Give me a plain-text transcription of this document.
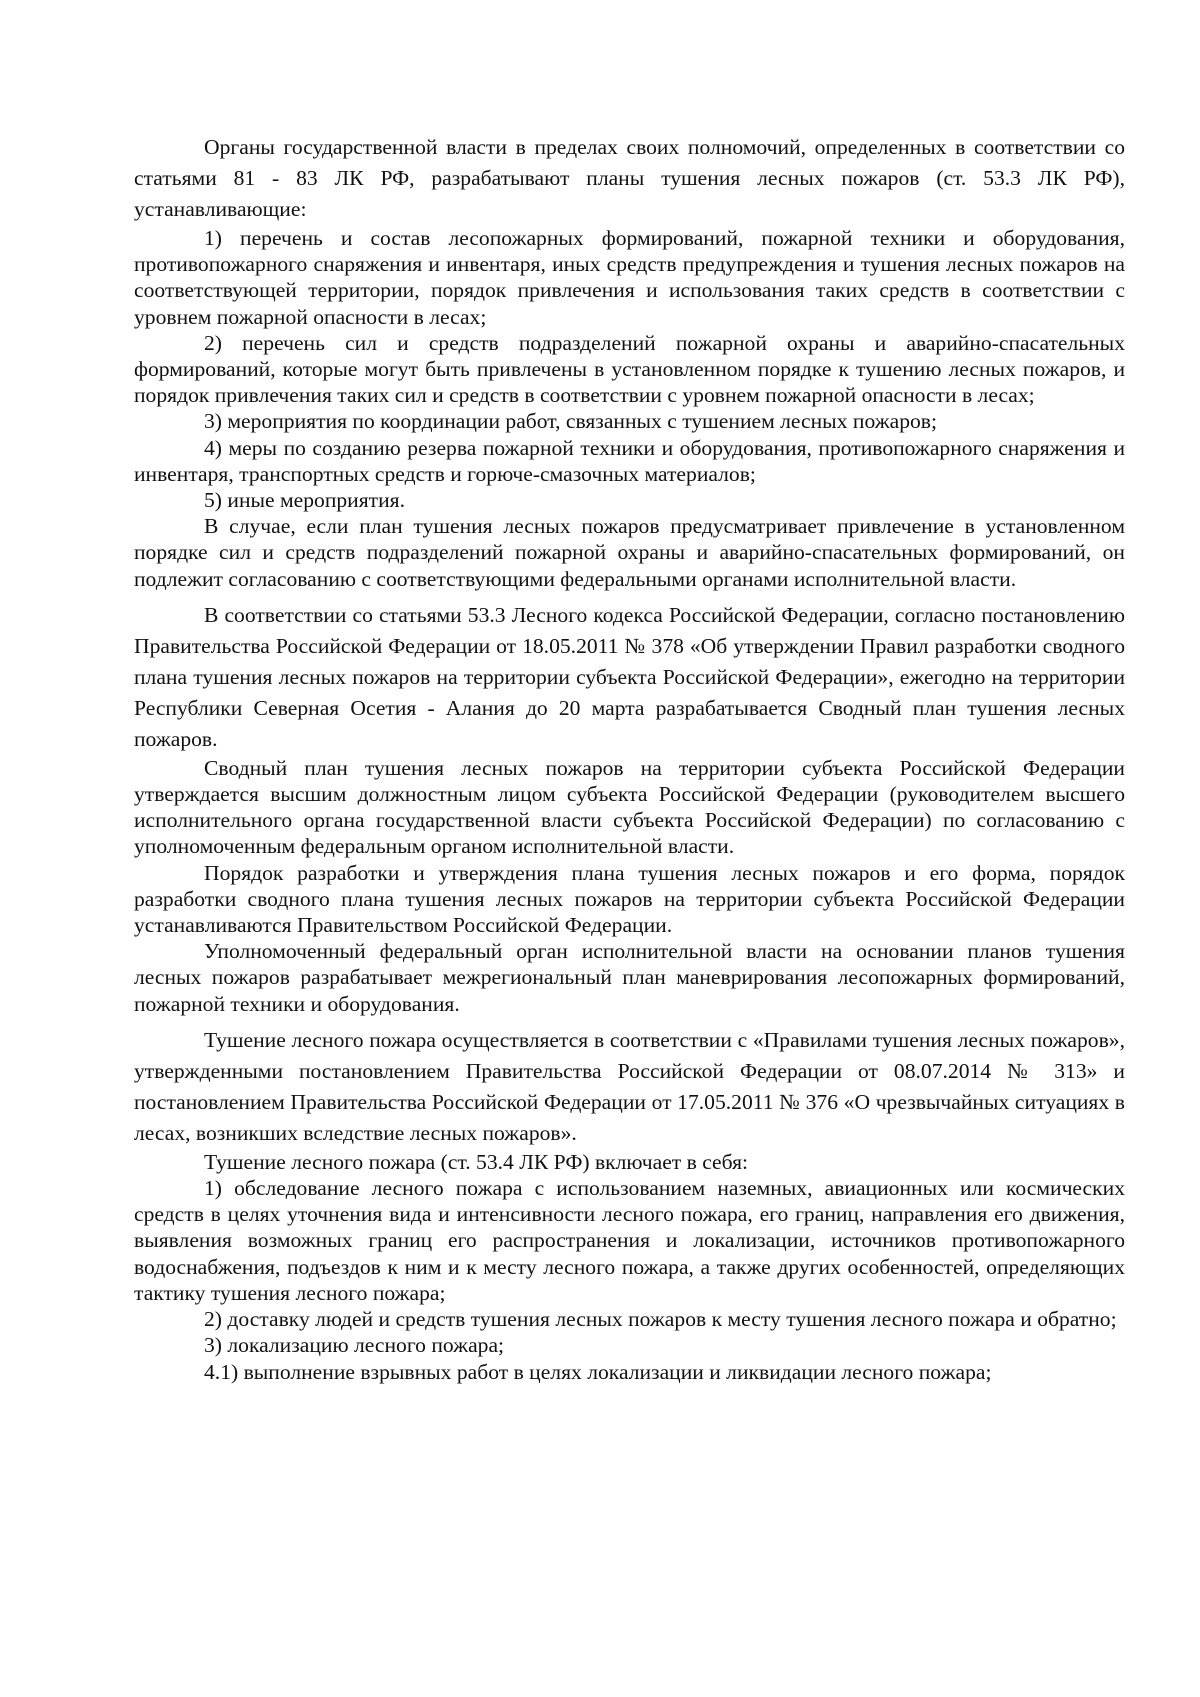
Органы государственной власти в пределах своих полномочий, определенных в соответствии со статьями 81 - 83 ЛК РФ, разрабатывают планы тушения лесных пожаров (ст. 53.3 ЛК РФ), устанавливающие:

1) перечень и состав лесопожарных формирований, пожарной техники и оборудования, противопожарного снаряжения и инвентаря, иных средств предупреждения и тушения лесных пожаров на соответствующей территории, порядок привлечения и использования таких средств в соответствии с уровнем пожарной опасности в лесах;

2) перечень сил и средств подразделений пожарной охраны и аварийно-спасательных формирований, которые могут быть привлечены в установленном порядке к тушению лесных пожаров, и порядок привлечения таких сил и средств в соответствии с уровнем пожарной опасности в лесах;

3) мероприятия по координации работ, связанных с тушением лесных пожаров;

4) меры по созданию резерва пожарной техники и оборудования, противопожарного снаряжения и инвентаря, транспортных средств и горюче-смазочных материалов;

5) иные мероприятия.

В случае, если план тушения лесных пожаров предусматривает привлечение в установленном порядке сил и средств подразделений пожарной охраны и аварийно-спасательных формирований, он подлежит согласованию с соответствующими федеральными органами исполнительной власти.

В соответствии со статьями 53.3 Лесного кодекса Российской Федерации, согласно постановлению Правительства Российской Федерации от 18.05.2011 № 378 «Об утверждении Правил разработки сводного плана тушения лесных пожаров на территории субъекта Российской Федерации», ежегодно на территории Республики Северная Осетия - Алания до 20 марта разрабатывается Сводный план тушения лесных пожаров.

Сводный план тушения лесных пожаров на территории субъекта Российской Федерации утверждается высшим должностным лицом субъекта Российской Федерации (руководителем высшего исполнительного органа государственной власти субъекта Российской Федерации) по согласованию с уполномоченным федеральным органом исполнительной власти.

Порядок разработки и утверждения плана тушения лесных пожаров и его форма, порядок разработки сводного плана тушения лесных пожаров на территории субъекта Российской Федерации устанавливаются Правительством Российской Федерации.

Уполномоченный федеральный орган исполнительной власти на основании планов тушения лесных пожаров разрабатывает межрегиональный план маневрирования лесопожарных формирований, пожарной техники и оборудования.

Тушение лесного пожара осуществляется в соответствии с «Правилами тушения лесных пожаров», утвержденными постановлением Правительства Российской Федерации от 08.07.2014 № 313» и постановлением Правительства Российской Федерации от 17.05.2011 № 376 «О чрезвычайных ситуациях в лесах, возникших вследствие лесных пожаров».

Тушение лесного пожара (ст. 53.4 ЛК РФ) включает в себя:

1) обследование лесного пожара с использованием наземных, авиационных или космических средств в целях уточнения вида и интенсивности лесного пожара, его границ, направления его движения, выявления возможных границ его распространения и локализации, источников противопожарного водоснабжения, подъездов к ним и к месту лесного пожара, а также других особенностей, определяющих тактику тушения лесного пожара;

2) доставку людей и средств тушения лесных пожаров к месту тушения лесного пожара и обратно;

3) локализацию лесного пожара;

4.1) выполнение взрывных работ в целях локализации и ликвидации лесного пожара;
